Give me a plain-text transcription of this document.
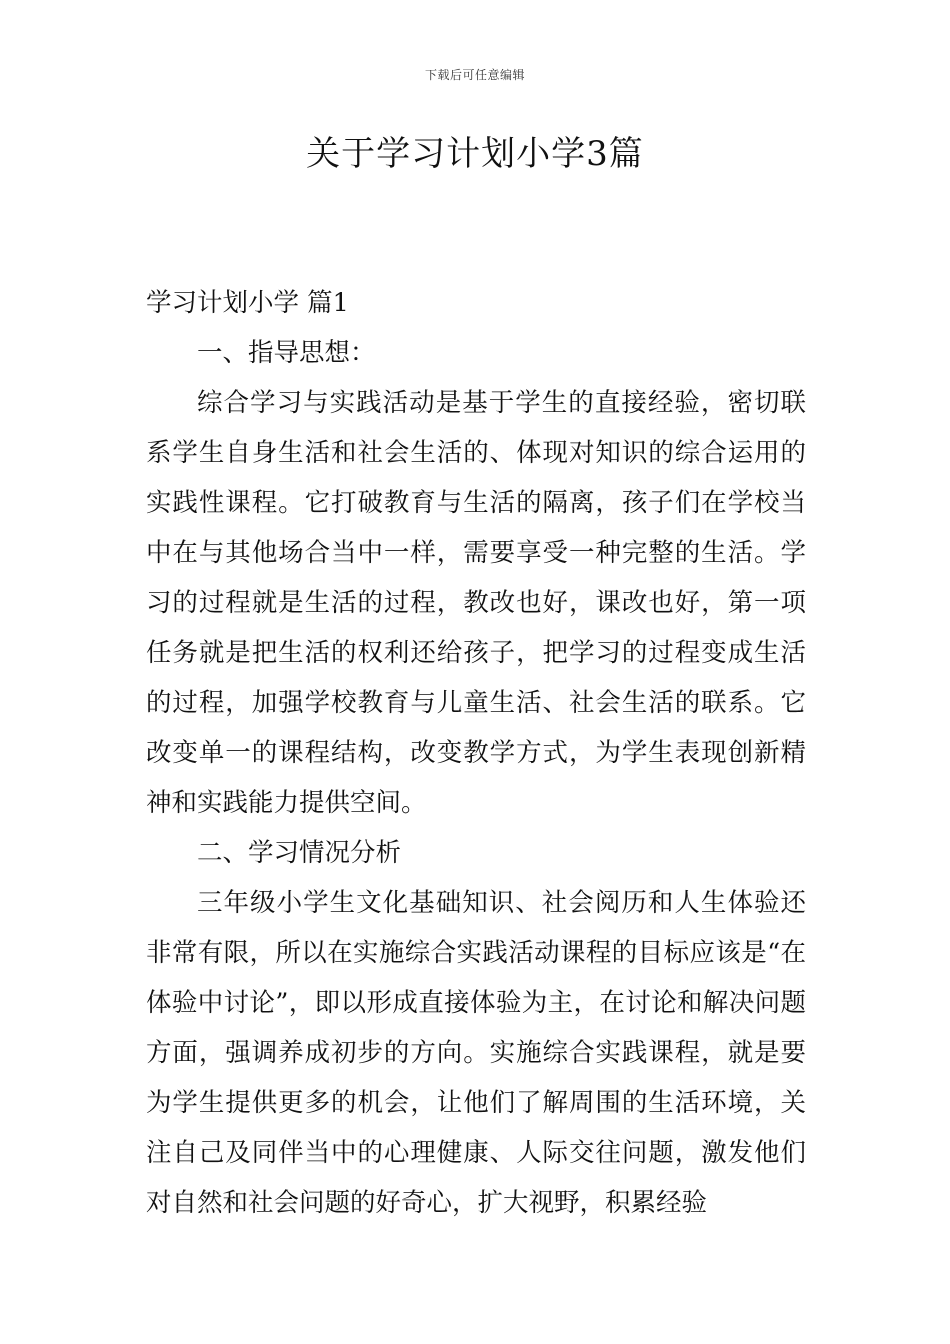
下载后可任意编辑
关于学习计划小学3篇

学习计划小学 篇1

一、指导思想：

综合学习与实践活动是基于学生的直接经验，密切联系学生自身生活和社会生活的、体现对知识的综合运用的实践性课程。它打破教育与生活的隔离，孩子们在学校当中在与其他场合当中一样，需要享受一种完整的生活。学习的过程就是生活的过程，教改也好，课改也好，第一项任务就是把生活的权利还给孩子，把学习的过程变成生活的过程，加强学校教育与儿童生活、社会生活的联系。它改变单一的课程结构，改变教学方式，为学生表现创新精神和实践能力提供空间。

二、学习情况分析

三年级小学生文化基础知识、社会阅历和人生体验还非常有限，所以在实施综合实践活动课程的目标应该是“在体验中讨论”，即以形成直接体验为主，在讨论和解决问题方面，强调养成初步的方向。实施综合实践课程，就是要为学生提供更多的机会，让他们了解周围的生活环境，关注自己及同伴当中的心理健康、人际交往问题，激发他们对自然和社会问题的好奇心，扩大视野，积累经验
